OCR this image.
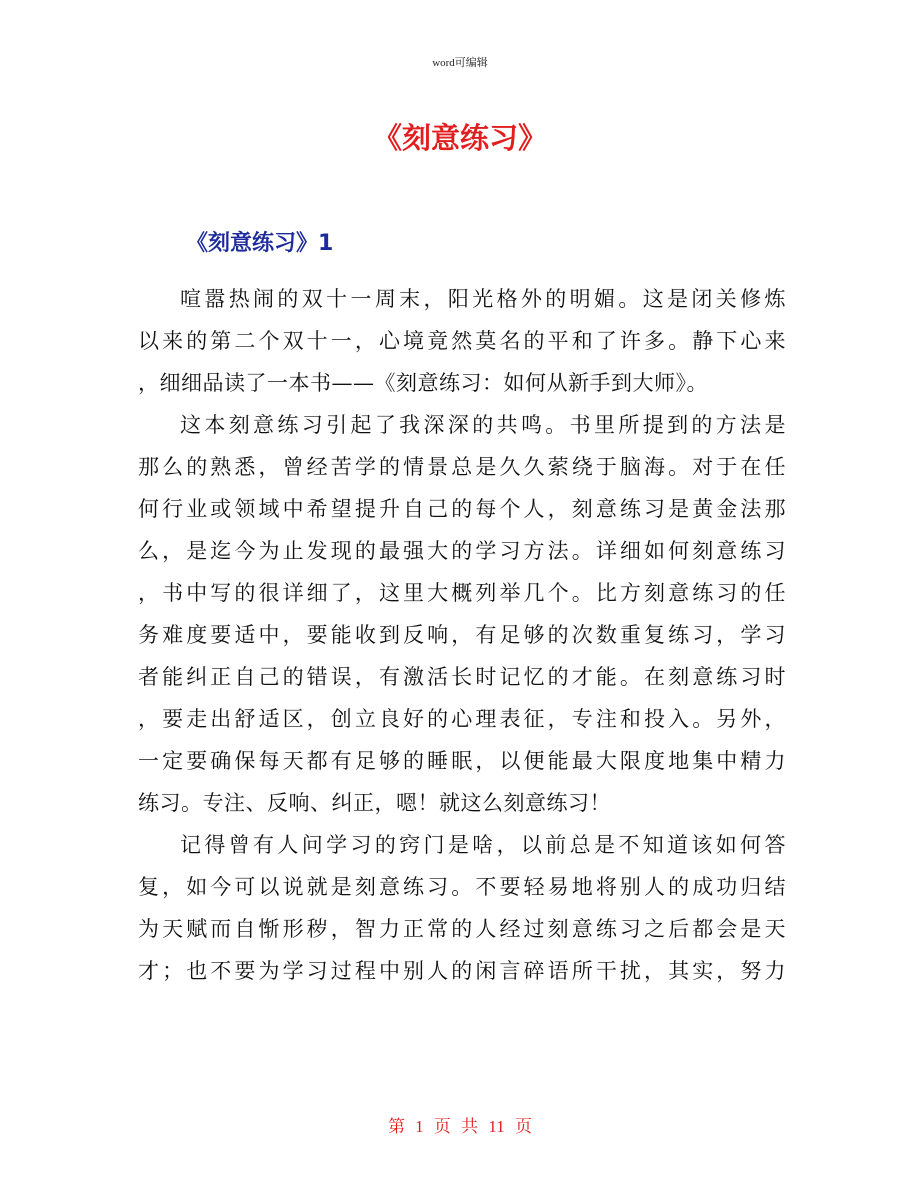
word可编辑
《刻意练习》
《刻意练习》1
喧嚣热闹的双十一周末，阳光格外的明媚。这是闭关修炼
以来的第二个双十一，心境竟然莫名的平和了许多。静下心来
，细细品读了一本书——《刻意练习：如何从新手到大师》。
这本刻意练习引起了我深深的共鸣。书里所提到的方法是
那么的熟悉，曾经苦学的情景总是久久萦绕于脑海。对于在任
何行业或领域中希望提升自己的每个人，刻意练习是黄金法那
么，是迄今为止发现的最强大的学习方法。详细如何刻意练习
，书中写的很详细了，这里大概列举几个。比方刻意练习的任
务难度要适中，要能收到反响，有足够的次数重复练习，学习
者能纠正自己的错误，有激活长时记忆的才能。在刻意练习时
，要走出舒适区，创立良好的心理表征，专注和投入。另外，
一定要确保每天都有足够的睡眠，以便能最大限度地集中精力
练习。专注、反响、纠正，嗯！就这么刻意练习！
记得曾有人问学习的窍门是啥，以前总是不知道该如何答
复，如今可以说就是刻意练习。不要轻易地将别人的成功归结
为天赋而自惭形秽，智力正常的人经过刻意练习之后都会是天
才；也不要为学习过程中别人的闲言碎语所干扰，其实，努力
第 1 页 共 11 页
